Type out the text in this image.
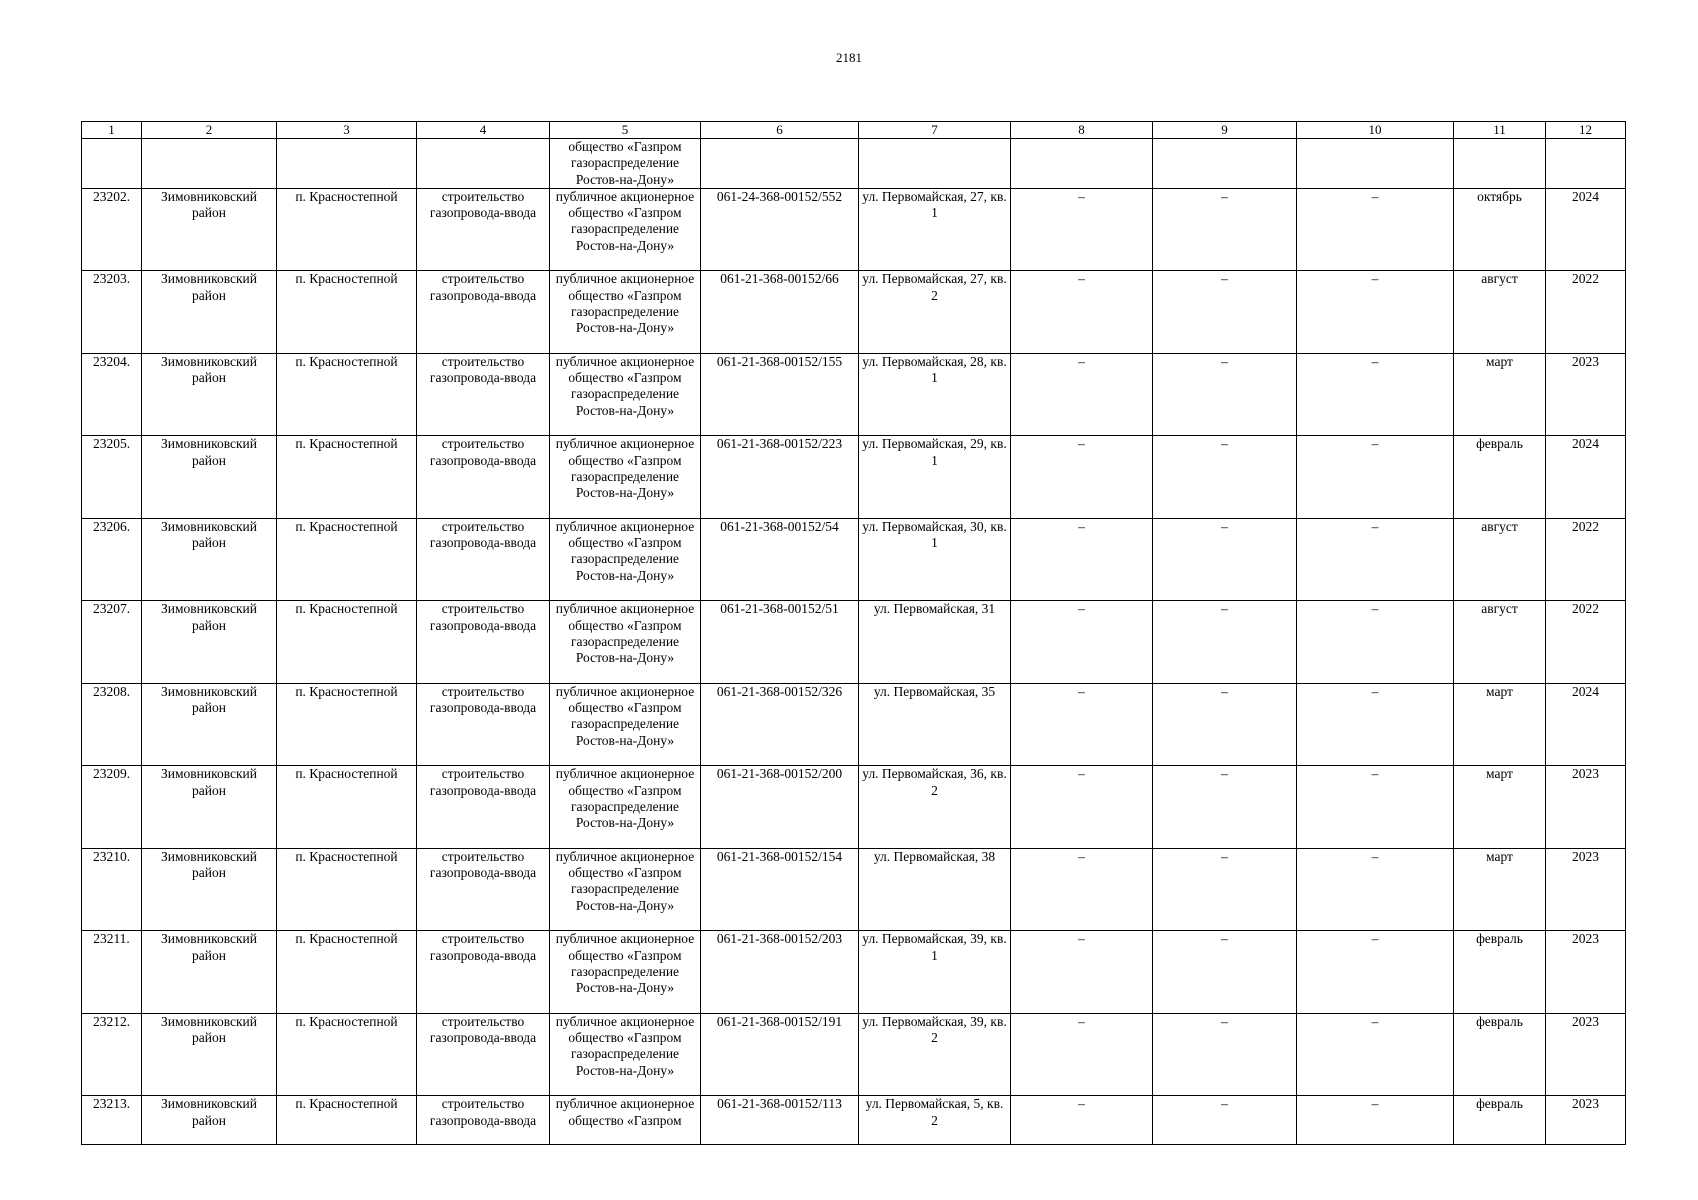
2181
1	2	3	4	5	6	7	8	9	10	11	12
				общество «Газпром газораспределение Ростов-на-Дону»							
23202.	Зимовниковский район	п. Красностепной	строительство газопровода-ввода	публичное акционерное общество «Газпром газораспределение Ростов-на-Дону»	061-24-368-00152/552	ул. Первомайская, 27, кв. 1	–	–	–	октябрь	2024
23203.	Зимовниковский район	п. Красностепной	строительство газопровода-ввода	публичное акционерное общество «Газпром газораспределение Ростов-на-Дону»	061-21-368-00152/66	ул. Первомайская, 27, кв. 2	–	–	–	август	2022
23204.	Зимовниковский район	п. Красностепной	строительство газопровода-ввода	публичное акционерное общество «Газпром газораспределение Ростов-на-Дону»	061-21-368-00152/155	ул. Первомайская, 28, кв. 1	–	–	–	март	2023
23205.	Зимовниковский район	п. Красностепной	строительство газопровода-ввода	публичное акционерное общество «Газпром газораспределение Ростов-на-Дону»	061-21-368-00152/223	ул. Первомайская, 29, кв. 1	–	–	–	февраль	2024
23206.	Зимовниковский район	п. Красностепной	строительство газопровода-ввода	публичное акционерное общество «Газпром газораспределение Ростов-на-Дону»	061-21-368-00152/54	ул. Первомайская, 30, кв. 1	–	–	–	август	2022
23207.	Зимовниковский район	п. Красностепной	строительство газопровода-ввода	публичное акционерное общество «Газпром газораспределение Ростов-на-Дону»	061-21-368-00152/51	ул. Первомайская, 31	–	–	–	август	2022
23208.	Зимовниковский район	п. Красностепной	строительство газопровода-ввода	публичное акционерное общество «Газпром газораспределение Ростов-на-Дону»	061-21-368-00152/326	ул. Первомайская, 35	–	–	–	март	2024
23209.	Зимовниковский район	п. Красностепной	строительство газопровода-ввода	публичное акционерное общество «Газпром газораспределение Ростов-на-Дону»	061-21-368-00152/200	ул. Первомайская, 36, кв. 2	–	–	–	март	2023
23210.	Зимовниковский район	п. Красностепной	строительство газопровода-ввода	публичное акционерное общество «Газпром газораспределение Ростов-на-Дону»	061-21-368-00152/154	ул. Первомайская, 38	–	–	–	март	2023
23211.	Зимовниковский район	п. Красностепной	строительство газопровода-ввода	публичное акционерное общество «Газпром газораспределение Ростов-на-Дону»	061-21-368-00152/203	ул. Первомайская, 39, кв. 1	–	–	–	февраль	2023
23212.	Зимовниковский район	п. Красностепной	строительство газопровода-ввода	публичное акционерное общество «Газпром газораспределение Ростов-на-Дону»	061-21-368-00152/191	ул. Первомайская, 39, кв. 2	–	–	–	февраль	2023
23213.	Зимовниковский район	п. Красностепной	строительство газопровода-ввода	публичное акционерное общество «Газпром	061-21-368-00152/113	ул. Первомайская, 5, кв. 2	–	–	–	февраль	2023
